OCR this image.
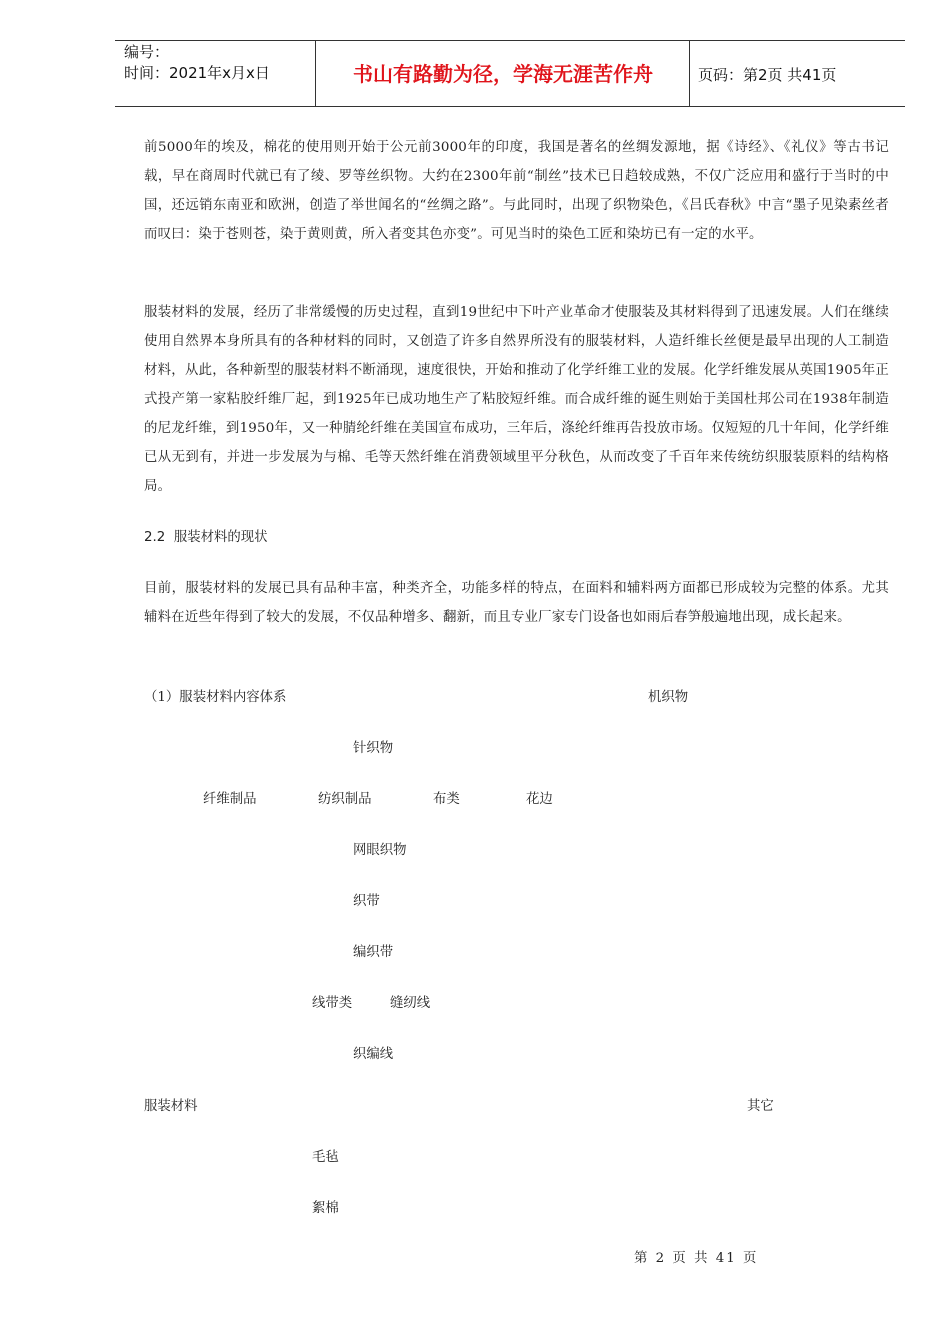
编号：
时间：2021年x月x日	书山有路勤为径，学海无涯苦作舟	页码：第2页 共41页
前5000年的埃及，棉花的使用则开始于公元前3000年的印度，我国是著名的丝绸发源地，据《诗经》、《礼仪》等古书记载，早在商周时代就已有了绫、罗等丝织物。大约在2300年前“制丝”技术已日趋较成熟，不仅广泛应用和盛行于当时的中国，还远销东南亚和欧洲，创造了举世闻名的“丝绸之路”。与此同时，出现了织物染色，《吕氏春秋》中言“墨子见染素丝者而叹曰：染于苍则苍，染于黄则黄，所入者变其色亦变”。可见当时的染色工匠和染坊已有一定的水平。
服装材料的发展，经历了非常缓慢的历史过程，直到19世纪中下叶产业革命才使服装及其材料得到了迅速发展。人们在继续使用自然界本身所具有的各种材料的同时，又创造了许多自然界所没有的服装材料，人造纤维长丝便是最早出现的人工制造材料，从此，各种新型的服装材料不断涌现，速度很快，开始和推动了化学纤维工业的发展。化学纤维发展从英国1905年正式投产第一家粘胶纤维厂起，到1925年已成功地生产了粘胶短纤维。而合成纤维的诞生则始于美国杜邦公司在1938年制造的尼龙纤维，到1950年，又一种腈纶纤维在美国宣布成功，三年后，涤纶纤维再告投放市场。仅短短的几十年间，化学纤维已从无到有，并进一步发展为与棉、毛等天然纤维在消费领域里平分秋色，从而改变了千百年来传统纺织服装原料的结构格局。
2.2 服装材料的现状
目前，服装材料的发展已具有品种丰富，种类齐全，功能多样的特点，在面料和辅料两方面都已形成较为完整的体系。尤其辅料在近些年得到了较大的发展，不仅品种增多、翻新，而且专业厂家专门设备也如雨后春笋般遍地出现，成长起来。
（1）服装材料内容体系	机织物
针织物
纤维制品	纺织制品	布类	花边
网眼织物
织带
编织带
线带类	缝纫线
织编线
服装材料	其它
毛毡
絮棉
第 2 页 共 41 页
